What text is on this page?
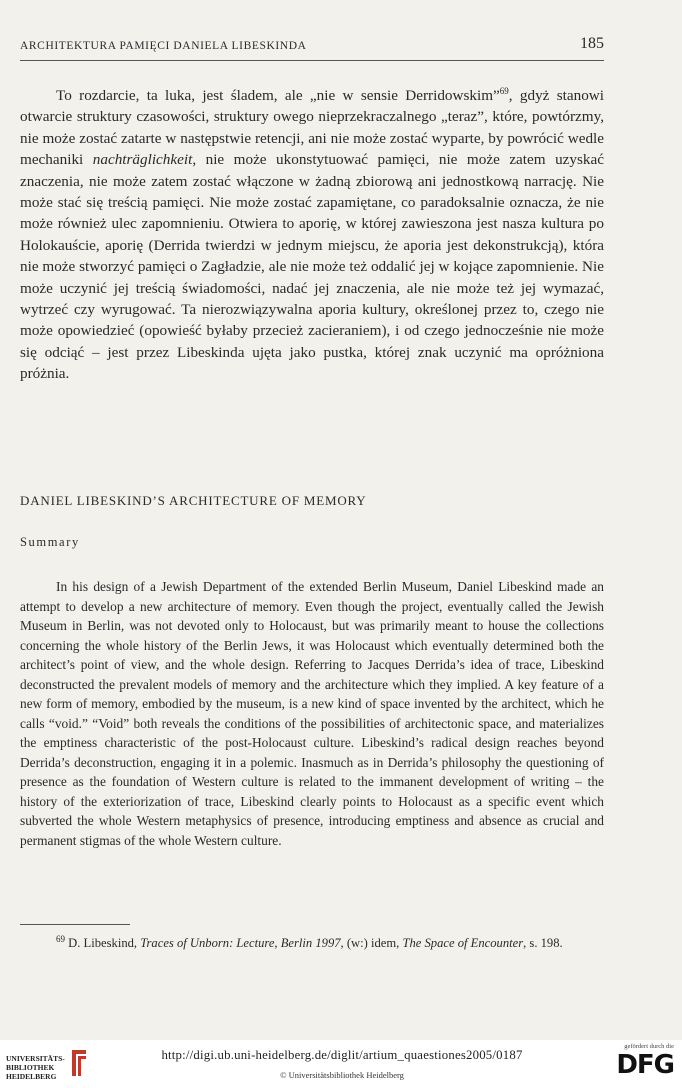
ARCHITEKTURA PAMIĘCI DANIELA LIBESKINDA	185

To rozdarcie, ta luka, jest śladem, ale „nie w sensie Derridowskim”$^{69}$, gdyż stanowi otwarcie struktury czasowości, struktury owego nieprzekraczalnego „teraz”, które, powtórzmy, nie może zostać zatarte w następstwie retencji, ani nie może zostać wyparte, by powrócić wedle mechaniki nachträglichkeit, nie może ukonstytuować pamięci, nie może zatem uzyskać znaczenia, nie może zatem zostać włączone w żadną zbiorową ani jednostkową narrację. Nie może stać się treścią pamięci. Nie może zostać zapamiętane, co paradoksalnie oznacza, że nie może również ulec zapomnieniu. Otwiera to aporię, w której zawieszona jest nasza kultura po Holokauście, aporię (Derrida twierdzi w jednym miejscu, że aporia jest dekonstrukcją), która nie może stworzyć pamięci o Zagładzie, ale nie może też oddalić jej w kojące zapomnienie. Nie może uczynić jej treścią świadomości, nadać jej znaczenia, ale nie może też jej wymazać, wytrzeć czy wyrugować. Ta nierozwiązywalna aporia kultury, określonej przez to, czego nie może opowiedzieć (opowieść byłaby przecież zacieraniem), i od czego jednocześnie nie może się odciąć – jest przez Libeskinda ujęta jako pustka, której znak uczynić ma opróżniona próżnia.

DANIEL LIBESKIND’S ARCHITECTURE OF MEMORY
Summary

In his design of a Jewish Department of the extended Berlin Museum, Daniel Libeskind made an attempt to develop a new architecture of memory. Even though the project, eventually called the Jewish Museum in Berlin, was not devoted only to Holocaust, but was primarily meant to house the collections concerning the whole history of the Berlin Jews, it was Holocaust which eventually determined both the architect’s point of view, and the whole design. Referring to Jacques Derrida’s idea of trace, Libeskind deconstructed the prevalent models of memory and the architecture which they implied. A key feature of a new form of memory, embodied by the museum, is a new kind of space invented by the architect, which he calls “void.” “Void” both reveals the conditions of the possibilities of architectonic space, and materializes the emptiness characteristic of the post-Holocaust culture. Libeskind’s radical design reaches beyond Derrida’s deconstruction, engaging it in a polemic. Inasmuch as in Derrida’s philosophy the questioning of presence as the foundation of Western culture is related to the immanent development of writing – the history of the exteriorization of trace, Libeskind clearly points to Holocaust as a specific event which subverted the whole Western metaphysics of presence, introducing emptiness and absence as crucial and permanent stigmas of the whole Western culture.

$^{69}$ D. Libeskind, Traces of Unborn: Lecture, Berlin 1997, (w:) idem, The Space of Encounter, s. 198.

UNIVERSITÄTS-
BIBLIOTHEK
HEIDELBERG
http://digi.ub.uni-heidelberg.de/diglit/artium_quaestiones2005/0187
© Universitätsbibliothek Heidelberg
gefördert durch die
DFG
